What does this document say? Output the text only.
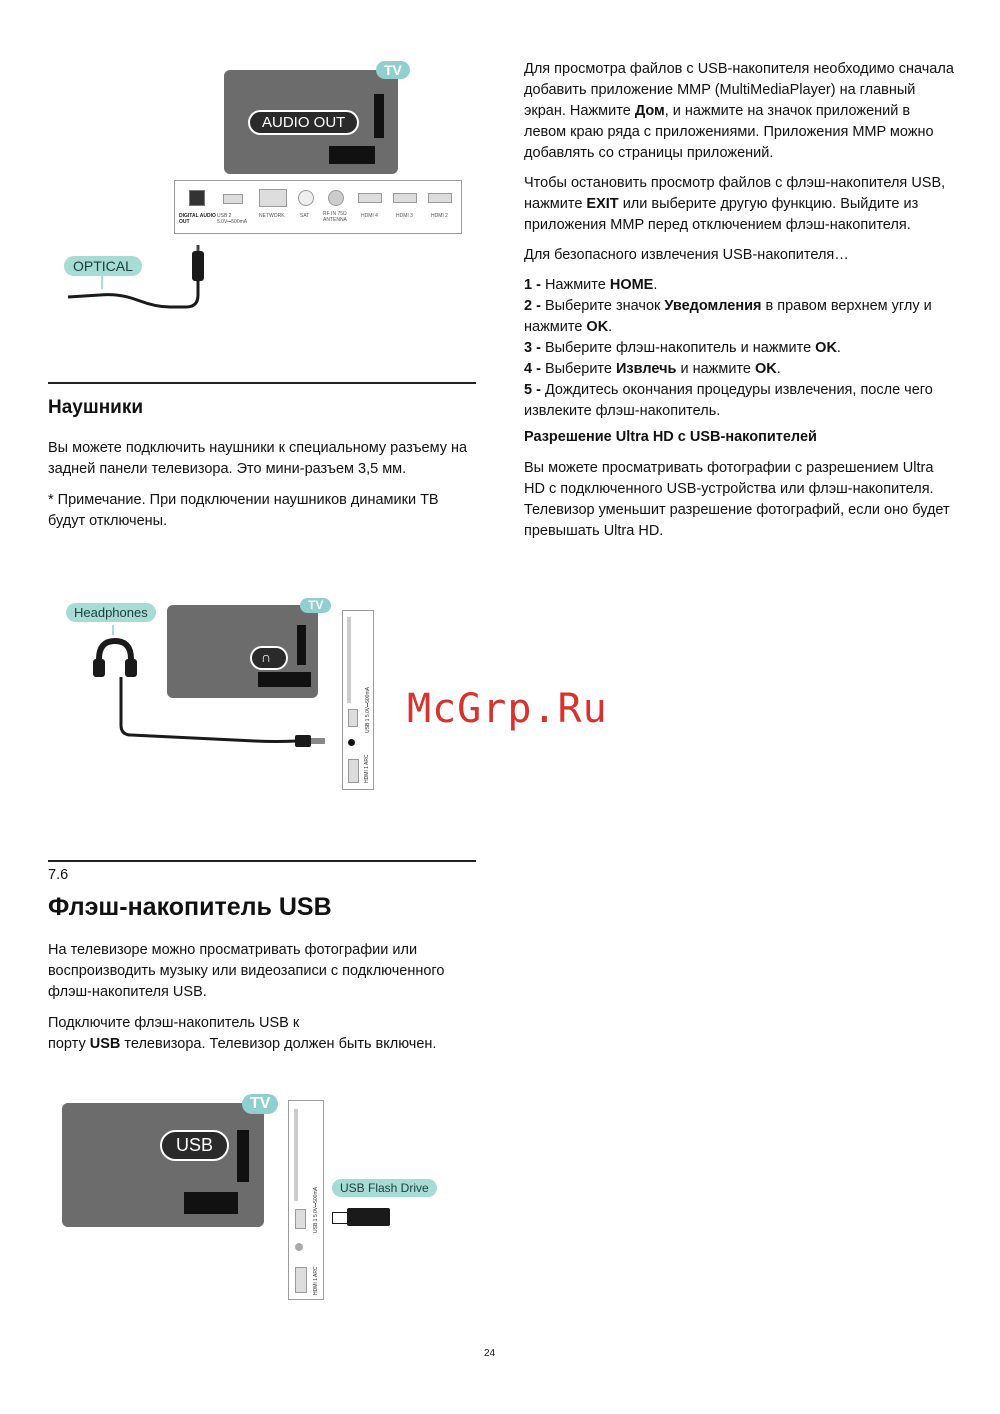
TV
AUDIO OUT
DIGITAL AUDIO OUT
USB 2 5.0V⎓500mA
NETWORK	SAT	RF IN 75Ω ANTENNA
HDMI 4	HDMI 3	HDMI 2
OPTICAL
Наушники

Вы можете подключить наушники к специальному разъему на задней панели телевизора. Это мини-разъем 3,5 мм.

* Примечание. При подключении наушников динамики ТВ будут отключены.

TV
∩
USB 1 5.0V⎓500mA
HDMI 1 ARC
Headphones
7.6
Флэш-накопитель USB

На телевизоре можно просматривать фотографии или воспроизводить музыку или видеозаписи с подключенного флэш-накопителя USB.

Подключите флэш-накопитель USB к
порту USB телевизора. Телевизор должен быть включен.

TV
USB
USB 1 5.0V⎓500mA
HDMI 1 ARC
USB Flash Drive

Для просмотра файлов с USB-накопителя необходимо сначала добавить приложение MMP (MultiMediaPlayer) на главный экран. Нажмите Дом, и нажмите на значок приложений в левом краю ряда с приложениями. Приложения MMP можно добавлять со страницы приложений.

Чтобы остановить просмотр файлов с флэш-накопителя USB, нажмите EXIT или выберите другую функцию. Выйдите из приложения MMP перед отключением флэш-накопителя.

Для безопасного извлечения USB-накопителя…

1 - Нажмите HOME.

2 - Выберите значок Уведомления в правом верхнем углу и нажмите OK.

3 - Выберите флэш-накопитель и нажмите OK.

4 - Выберите Извлечь и нажмите OK.

5 - Дождитесь окончания процедуры извлечения, после чего извлеките флэш-накопитель.

Разрешение Ultra HD с USB-накопителей

Вы можете просматривать фотографии с разрешением Ultra HD с подключенного USB-устройства или флэш-накопителя. Телевизор уменьшит разрешение фотографий, если оно будет превышать Ultra HD.

McGrp.Ru
24
